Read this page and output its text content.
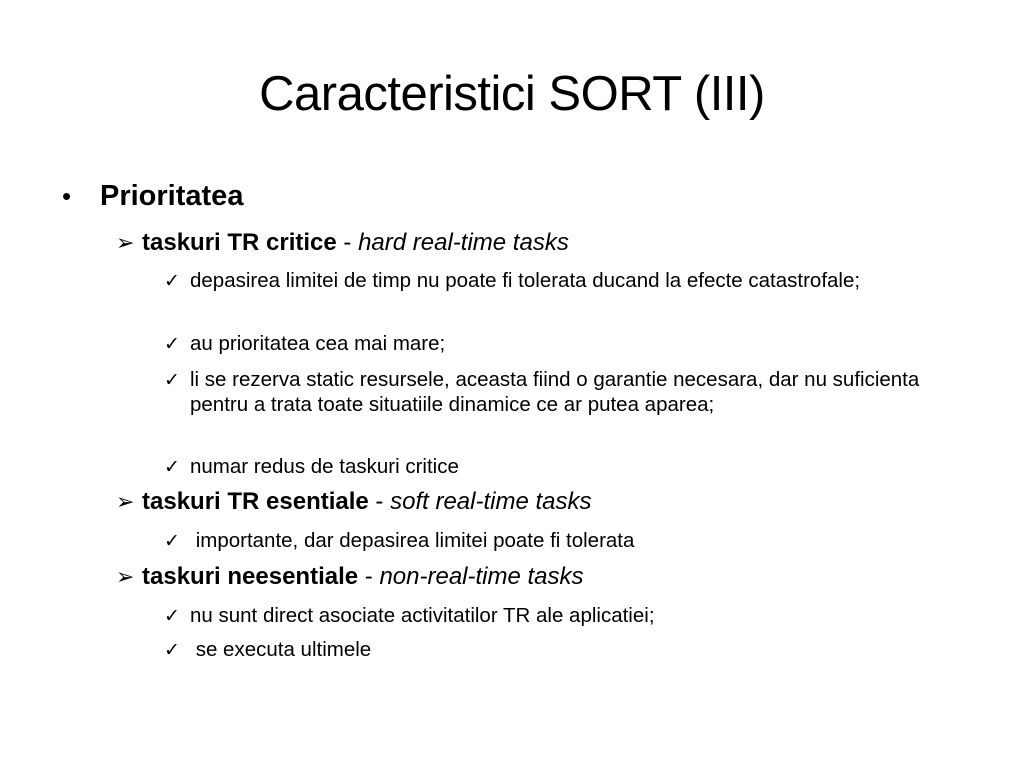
Caracteristici SORT (III)
• Prioritatea
➢ taskuri TR critice - hard real-time tasks
✓ depasirea limitei de timp nu poate fi tolerata ducand la efecte catastrofale;
✓ au prioritatea cea mai mare;
✓ li se rezerva static resursele, aceasta fiind o garantie necesara, dar nu suficienta pentru a trata toate situatiile dinamice ce ar putea aparea;
✓ numar redus de taskuri critice
➢ taskuri TR esentiale - soft real-time tasks
✓ importante, dar depasirea limitei poate fi tolerata
➢ taskuri neesentiale - non-real-time tasks
✓ nu sunt direct asociate activitatilor TR ale aplicatiei;
✓ se executa ultimele
